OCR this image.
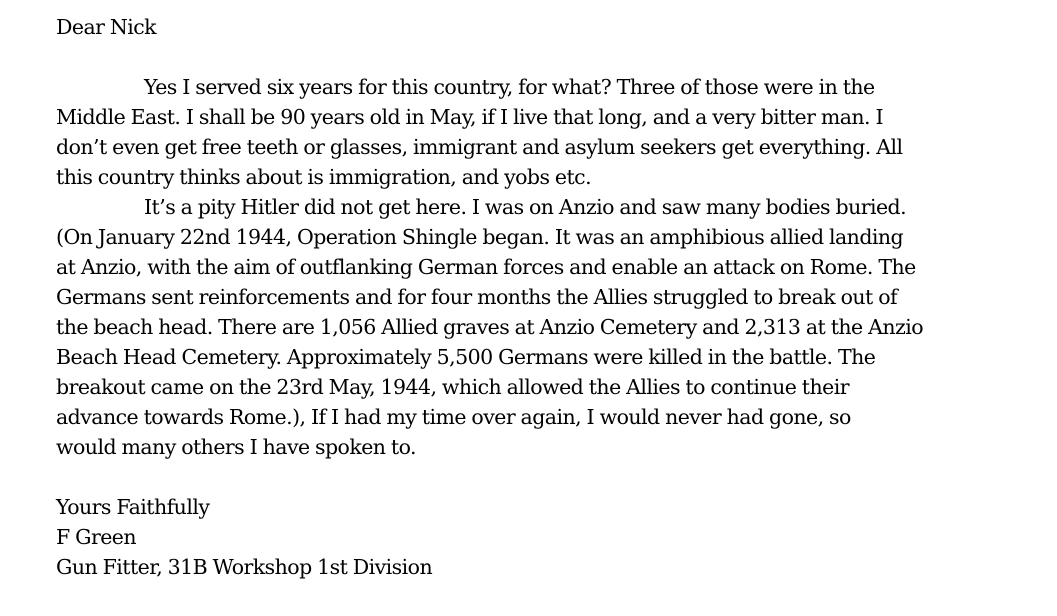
Dear Nick
Yes I served six years for this country, for what? Three of those were in the
Middle East. I shall be 90 years old in May, if I live that long, and a very bitter man. I
don’t even get free teeth or glasses, immigrant and asylum seekers get everything. All
this country thinks about is immigration, and yobs etc.
It’s a pity Hitler did not get here. I was on Anzio and saw many bodies buried.
(On January 22nd 1944, Operation Shingle began. It was an amphibious allied landing
at Anzio, with the aim of outflanking German forces and enable an attack on Rome. The
Germans sent reinforcements and for four months the Allies struggled to break out of
the beach head. There are 1,056 Allied graves at Anzio Cemetery and 2,313 at the Anzio
Beach Head Cemetery. Approximately 5,500 Germans were killed in the battle. The
breakout came on the 23rd May, 1944, which allowed the Allies to continue their
advance towards Rome.), If I had my time over again, I would never had gone, so
would many others I have spoken to.
Yours Faithfully
F Green
Gun Fitter, 31B Workshop 1st Division
